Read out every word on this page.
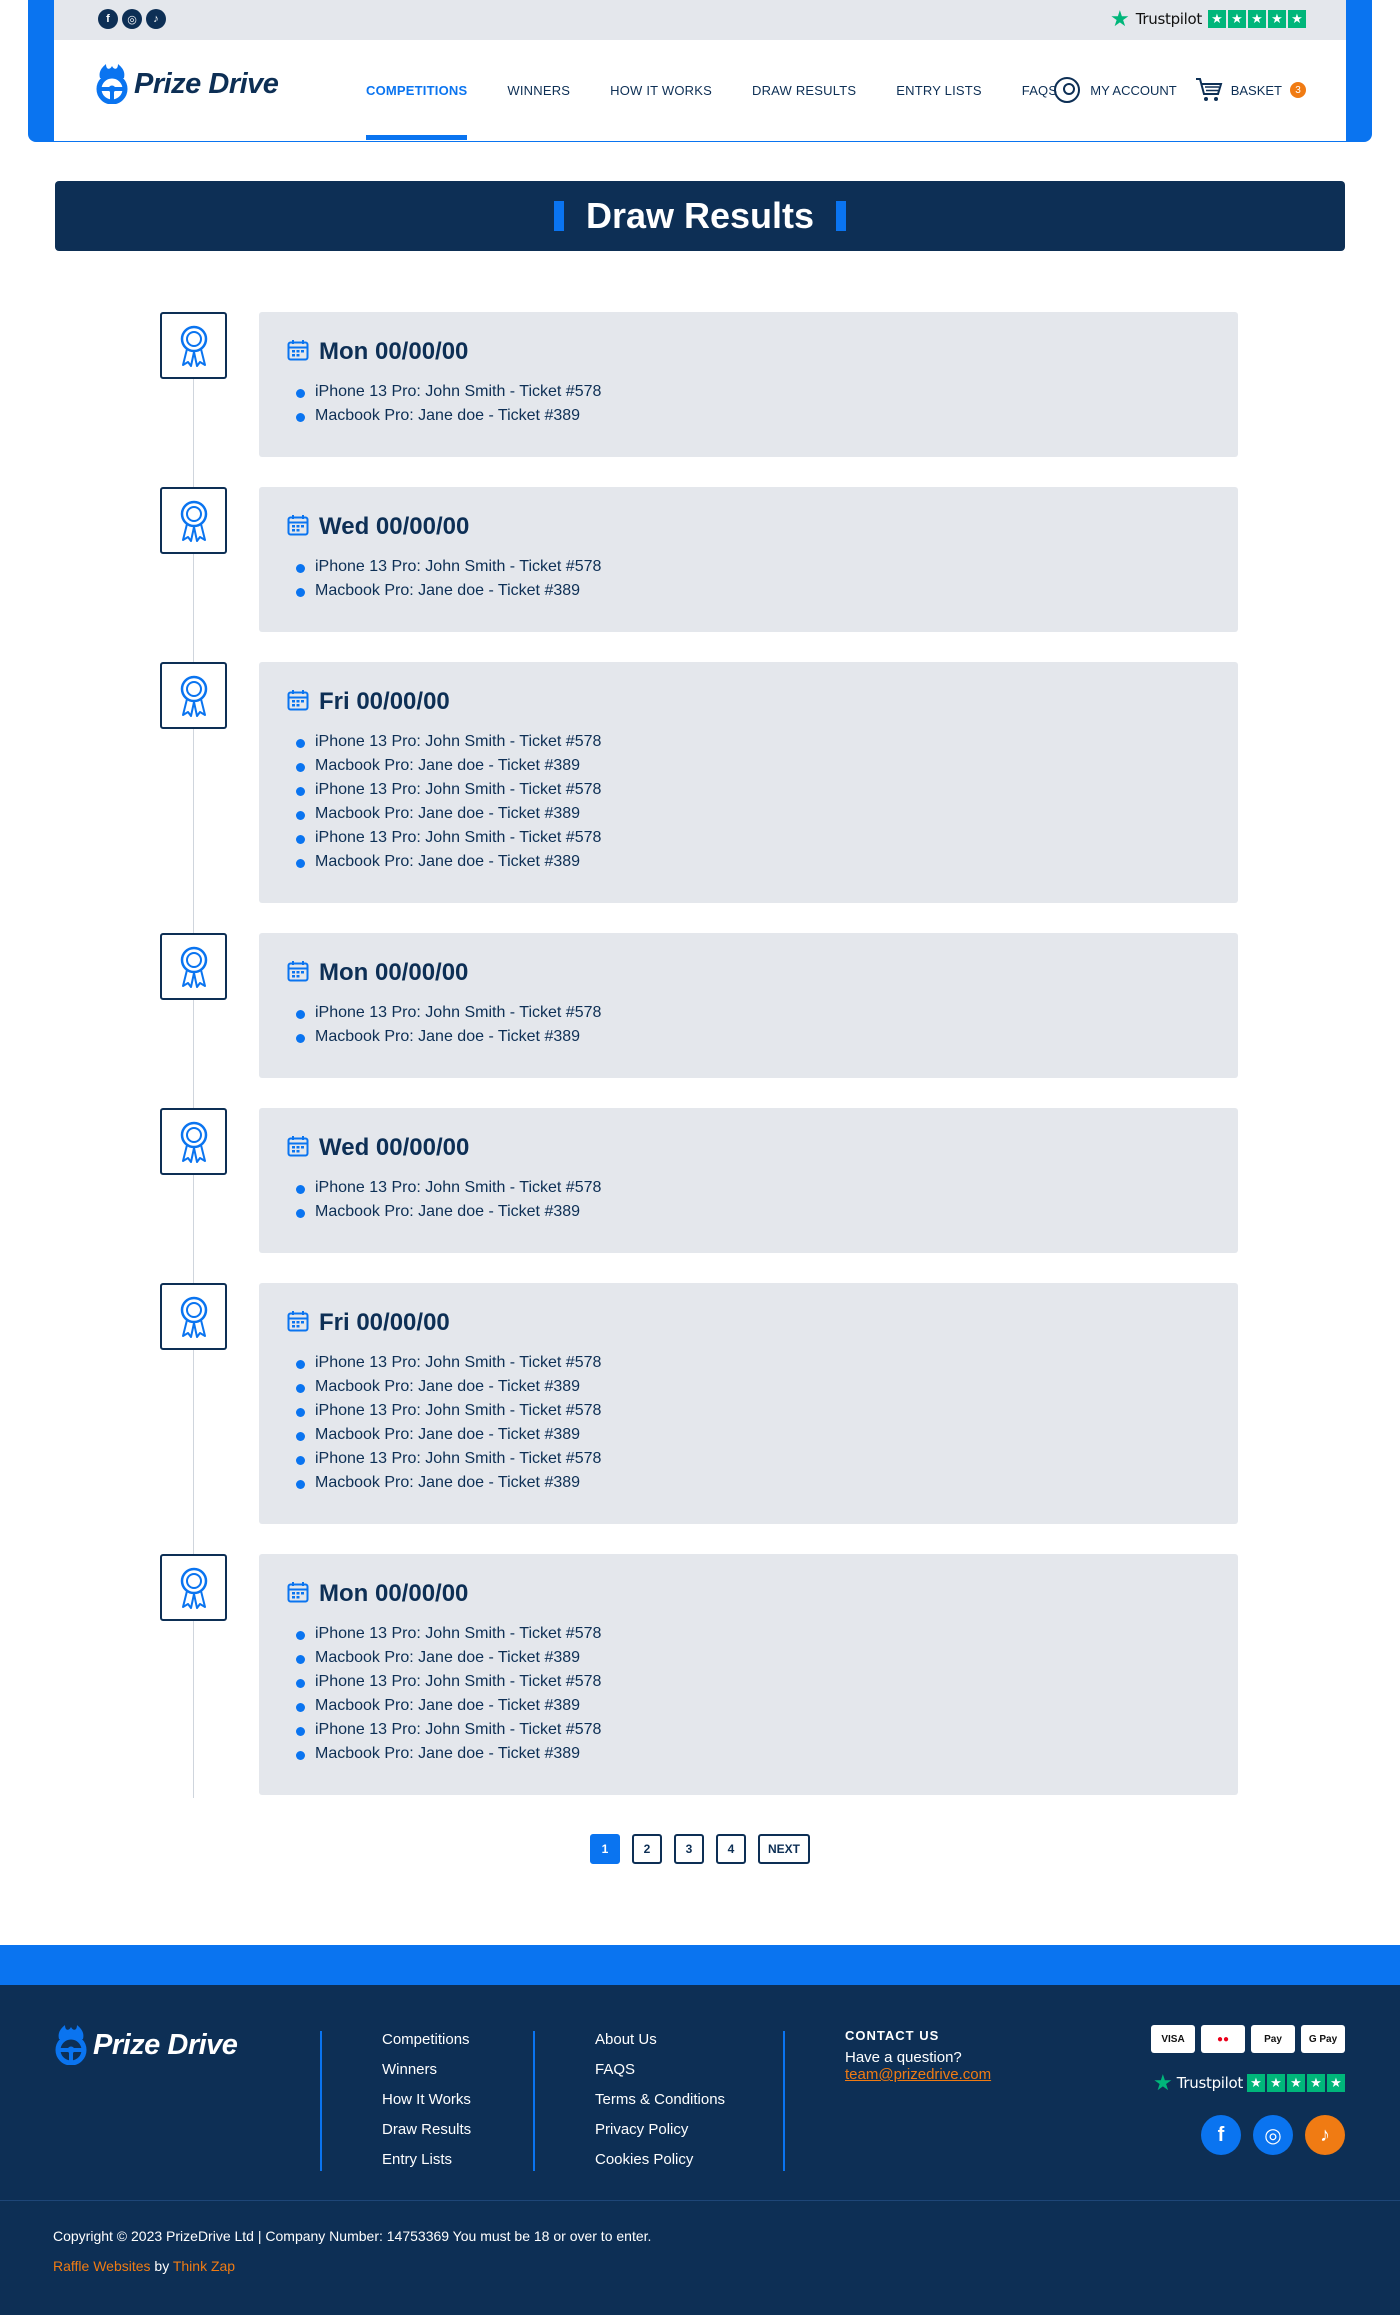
f	◎	♪	★ Trustpilot ★ ★ ★ ★ ★
Prize Drive	COMPETITIONS	WINNERS	HOW IT WORKS	DRAW RESULTS	ENTRY LISTS	FAQS	MY ACCOUNT	BASKET	3
Draw Results
Mon 00/00/00
iPhone 13 Pro: John Smith - Ticket #578
Macbook Pro: Jane doe - Ticket #389
Wed 00/00/00
iPhone 13 Pro: John Smith - Ticket #578
Macbook Pro: Jane doe - Ticket #389
Fri 00/00/00
iPhone 13 Pro: John Smith - Ticket #578
Macbook Pro: Jane doe - Ticket #389
iPhone 13 Pro: John Smith - Ticket #578
Macbook Pro: Jane doe - Ticket #389
iPhone 13 Pro: John Smith - Ticket #578
Macbook Pro: Jane doe - Ticket #389
Mon 00/00/00
iPhone 13 Pro: John Smith - Ticket #578
Macbook Pro: Jane doe - Ticket #389
Wed 00/00/00
iPhone 13 Pro: John Smith - Ticket #578
Macbook Pro: Jane doe - Ticket #389
Fri 00/00/00
iPhone 13 Pro: John Smith - Ticket #578
Macbook Pro: Jane doe - Ticket #389
iPhone 13 Pro: John Smith - Ticket #578
Macbook Pro: Jane doe - Ticket #389
iPhone 13 Pro: John Smith - Ticket #578
Macbook Pro: Jane doe - Ticket #389
Mon 00/00/00
iPhone 13 Pro: John Smith - Ticket #578
Macbook Pro: Jane doe - Ticket #389
iPhone 13 Pro: John Smith - Ticket #578
Macbook Pro: Jane doe - Ticket #389
iPhone 13 Pro: John Smith - Ticket #578
Macbook Pro: Jane doe - Ticket #389
1	2	3	4	NEXT
Prize Drive	Competitions
Winners
How It Works
Draw Results
Entry Lists
About Us
FAQS
Terms & Conditions
Privacy Policy
Cookies Policy
CONTACT US
Have a question?
team@prizedrive.com
VISA	●●	Pay	G Pay
★ Trustpilot ★ ★ ★ ★ ★
f	◎	♪
Copyright © 2023 PrizeDrive Ltd | Company Number: 14753369 You must be 18 or over to enter.
Raffle Websites by Think Zap
